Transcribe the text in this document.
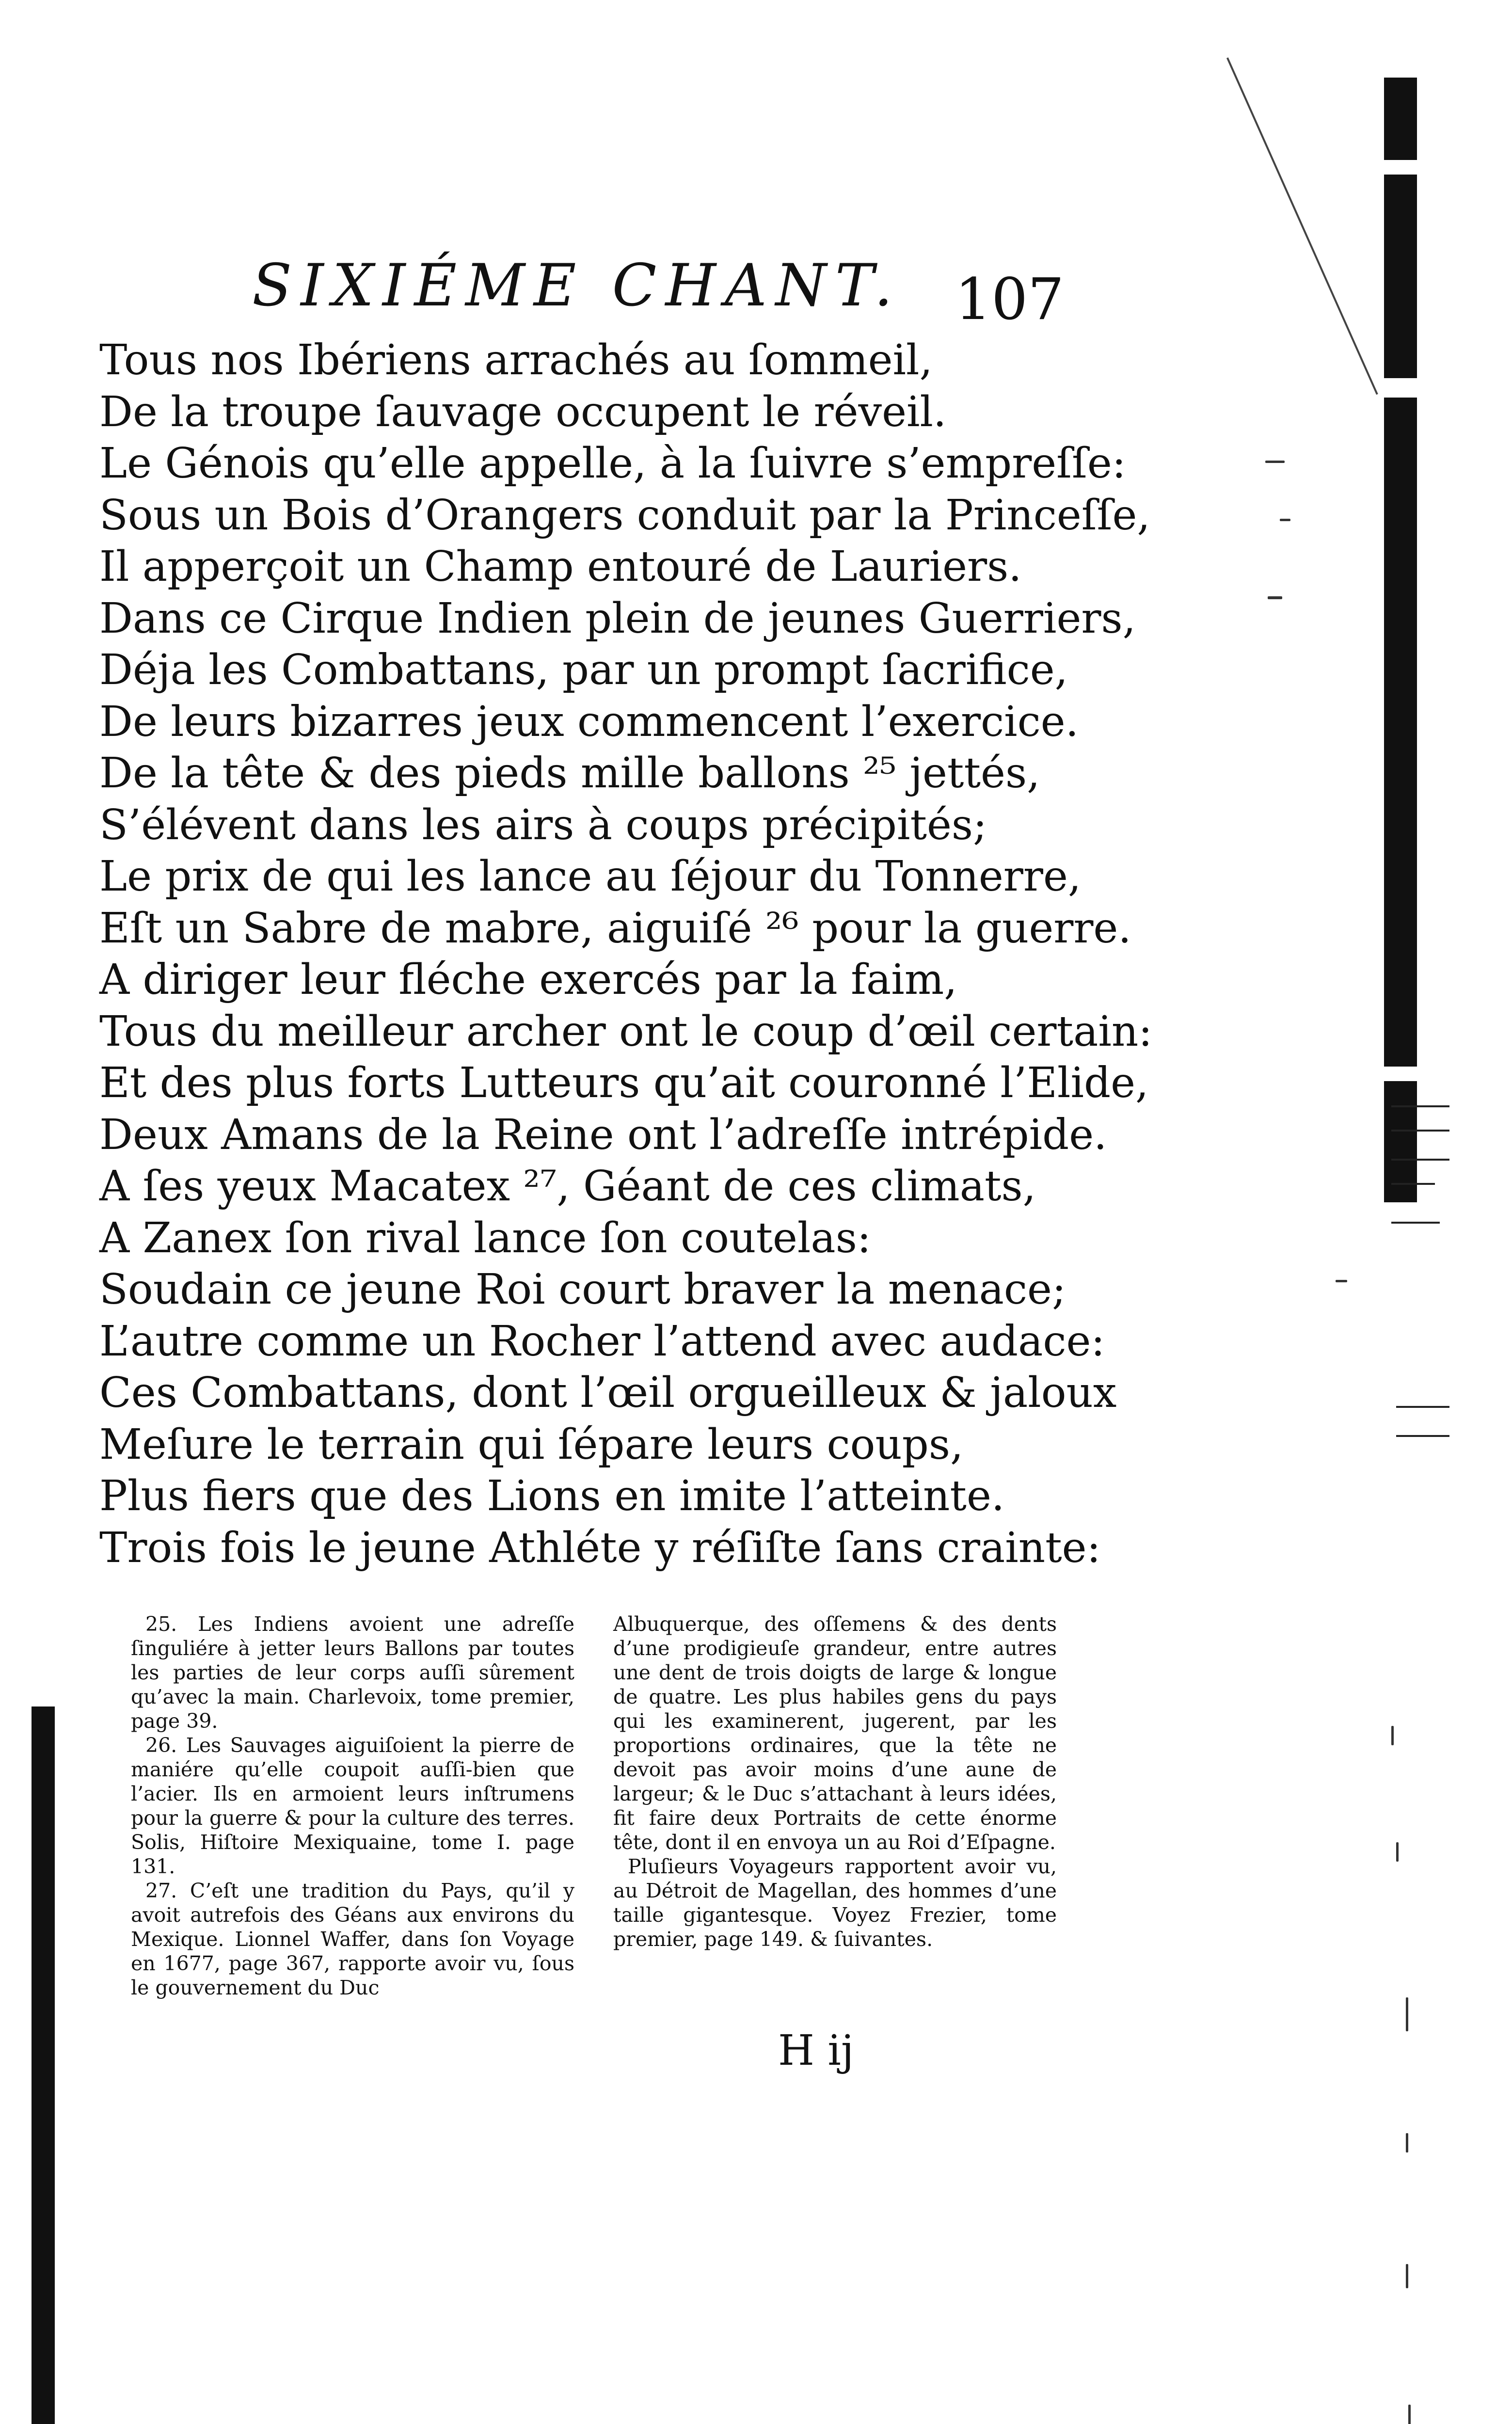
SIXIÉME CHANT. 107
Tous nos Ibériens arrachés au ſommeil,
De la troupe ſauvage occupent le réveil.
Le Génois qu’elle appelle, à la ſuivre s’empreſſe:
Sous un Bois d’Orangers conduit par la Princeſſe,
Il apperçoit un Champ entouré de Lauriers.
Dans ce Cirque Indien plein de jeunes Guerriers,
Déja les Combattans, par un prompt ſacrifice,
De leurs bizarres jeux commencent l’exercice.
De la tête & des pieds mille ballons ²⁵ jettés,
S’élévent dans les airs à coups précipités;
Le prix de qui les lance au ſéjour du Tonnerre,
Eſt un Sabre de mabre, aiguiſé ²⁶ pour la guerre.
A diriger leur fléche exercés par la faim,
Tous du meilleur archer ont le coup d’œil certain:
Et des plus forts Lutteurs qu’ait couronné l’Elide,
Deux Amans de la Reine ont l’adreſſe intrépide.
A ſes yeux Macatex ²⁷, Géant de ces climats,
A Zanex ſon rival lance ſon coutelas:
Soudain ce jeune Roi court braver la menace;
L’autre comme un Rocher l’attend avec audace:
Ces Combattans, dont l’œil orgueilleux & jaloux
Meſure le terrain qui ſépare leurs coups,
Plus fiers que des Lions en imite l’atteinte.
Trois fois le jeune Athléte y réſiſte ſans crainte:

25. Les Indiens avoient une adreſſe ſinguliére à jetter leurs Ballons par toutes les parties de leur corps auſſi sûrement qu’avec la main. Charlevoix, tome premier, page 39.

26. Les Sauvages aiguiſoient la pierre de maniére qu’elle coupoit auſſi-bien que l’acier. Ils en armoient leurs inſtrumens pour la guerre & pour la culture des terres. Solis, Hiſtoire Mexiquaine, tome I. page 131.

27. C’eſt une tradition du Pays, qu’il y avoit autrefois des Géans aux environs du Mexique. Lionnel Waffer, dans ſon Voyage en 1677, page 367, rapporte avoir vu, ſous le gouvernement du Duc

Albuquerque, des oſſemens & des dents d’une prodigieuſe grandeur, entre autres une dent de trois doigts de large & longue de quatre. Les plus habiles gens du pays qui les examinerent, jugerent, par les proportions ordinaires, que la tête ne devoit pas avoir moins d’une aune de largeur; & le Duc s’attachant à leurs idées, fit faire deux Portraits de cette énorme tête, dont il en envoya un au Roi d’Eſpagne.

Pluſieurs Voyageurs rapportent avoir vu, au Détroit de Magellan, des hommes d’une taille gigantesque. Voyez Frezier, tome premier, page 149. & ſuivantes.

H ij
